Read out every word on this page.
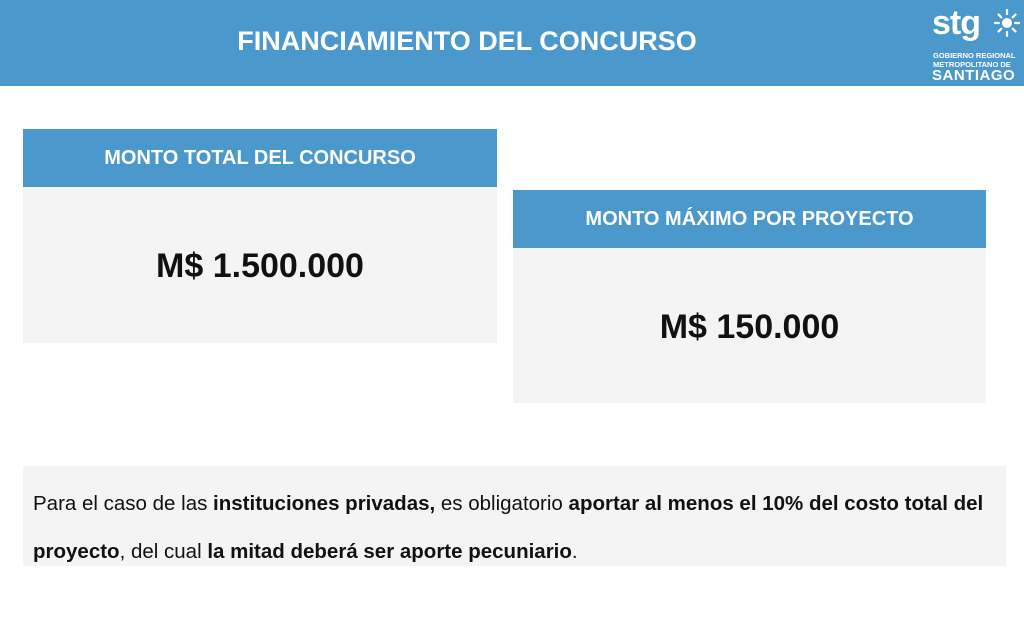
FINANCIAMIENTO DEL CONCURSO	stg
GOBIERNO REGIONAL
METROPOLITANO DE
SANTIAGO
MONTO TOTAL DEL CONCURSO
M$ 1.500.000
MONTO MÁXIMO POR PROYECTO
M$ 150.000
Para el caso de las instituciones privadas, es obligatorio aportar al menos el 10% del costo total del proyecto, del cual la mitad deberá ser aporte pecuniario.
